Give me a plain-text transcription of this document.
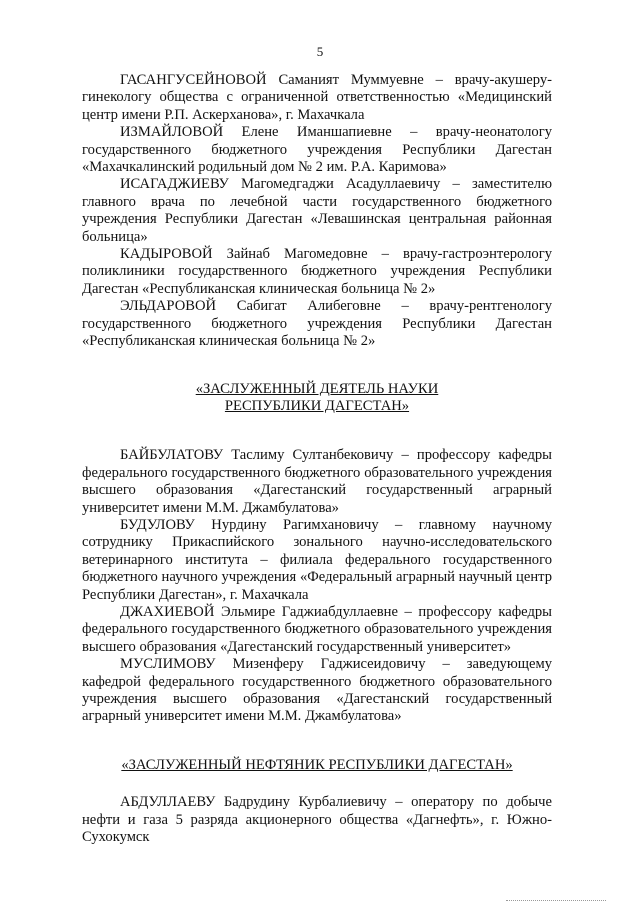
5

ГАСАНГУСЕЙНОВОЙ Саманият Муммуевне – врачу-акушеру-гинекологу общества с ограниченной ответственностью «Медицинский центр имени Р.П. Аскерханова», г. Махачкала

ИЗМАЙЛОВОЙ Елене Иманшапиевне – врачу-неонатологу государственного бюджетного учреждения Республики Дагестан «Махачкалинский родильный дом № 2 им. Р.А. Каримова»

ИСАГАДЖИЕВУ Магомедгаджи Асадуллаевичу – заместителю главного врача по лечебной части государственного бюджетного учреждения Республики Дагестан «Левашинская центральная районная больница»

КАДЫРОВОЙ Зайнаб Магомедовне – врачу-гастроэнтерологу поликлиники государственного бюджетного учреждения Республики Дагестан «Республиканская клиническая больница № 2»

ЭЛЬДАРОВОЙ Сабигат Алибеговне – врачу-рентгенологу государственного бюджетного учреждения Республики Дагестан «Республиканская клиническая больница № 2»

«ЗАСЛУЖЕННЫЙ ДЕЯТЕЛЬ НАУКИ
РЕСПУБЛИКИ ДАГЕСТАН»

БАЙБУЛАТОВУ Таслиму Султанбековичу – профессору кафедры федерального государственного бюджетного образовательного учреждения высшего образования «Дагестанский государственный аграрный университет имени М.М. Джамбулатова»

БУДУЛОВУ Нурдину Рагимхановичу – главному научному сотруднику Прикаспийского зонального научно-исследовательского ветеринарного института – филиала федерального государственного бюджетного научного учреждения «Федеральный аграрный научный центр Республики Дагестан», г. Махачкала

ДЖАХИЕВОЙ Эльмире Гаджиабдуллаевне – профессору кафедры федерального государственного бюджетного образовательного учреждения высшего образования «Дагестанский государственный университет»

МУСЛИМОВУ Мизенферу Гаджисеидовичу – заведующему кафедрой федерального государственного бюджетного образовательного учреждения высшего образования «Дагестанский государственный аграрный университет имени М.М. Джамбулатова»

«ЗАСЛУЖЕННЫЙ НЕФТЯНИК РЕСПУБЛИКИ ДАГЕСТАН»

АБДУЛЛАЕВУ Бадрудину Курбалиевичу – оператору по добыче нефти и газа 5 разряда акционерного общества «Дагнефть», г. Южно-Сухокумск
